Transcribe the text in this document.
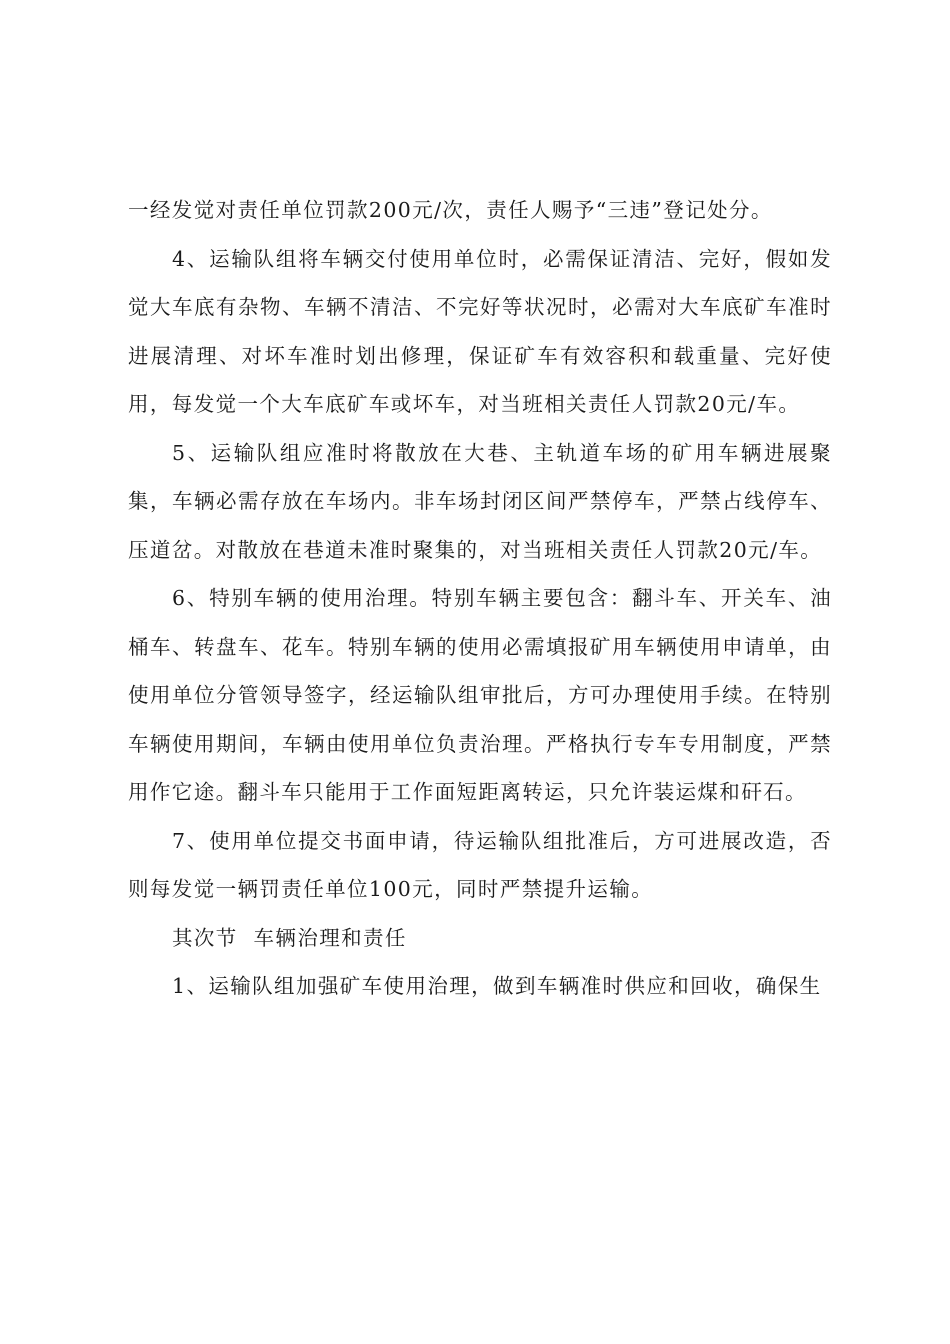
一经发觉对责任单位罚款200元/次，责任人赐予“三违”登记处分。

4、运输队组将车辆交付使用单位时，必需保证清洁、完好，假如发觉大车底有杂物、车辆不清洁、不完好等状况时，必需对大车底矿车准时进展清理、对坏车准时划出修理，保证矿车有效容积和载重量、完好使用，每发觉一个大车底矿车或坏车，对当班相关责任人罚款20元/车。

5、运输队组应准时将散放在大巷、主轨道车场的矿用车辆进展聚集，车辆必需存放在车场内。非车场封闭区间严禁停车，严禁占线停车、压道岔。对散放在巷道未准时聚集的，对当班相关责任人罚款20元/车。

6、特别车辆的使用治理。特别车辆主要包含：翻斗车、开关车、油桶车、转盘车、花车。特别车辆的使用必需填报矿用车辆使用申请单，由使用单位分管领导签字，经运输队组审批后，方可办理使用手续。在特别车辆使用期间，车辆由使用单位负责治理。严格执行专车专用制度，严禁用作它途。翻斗车只能用于工作面短距离转运，只允许装运煤和矸石。

7、使用单位提交书面申请，待运输队组批准后，方可进展改造，否则每发觉一辆罚责任单位100元，同时严禁提升运输。

其次节  车辆治理和责任

1、运输队组加强矿车使用治理，做到车辆准时供应和回收，确保生
